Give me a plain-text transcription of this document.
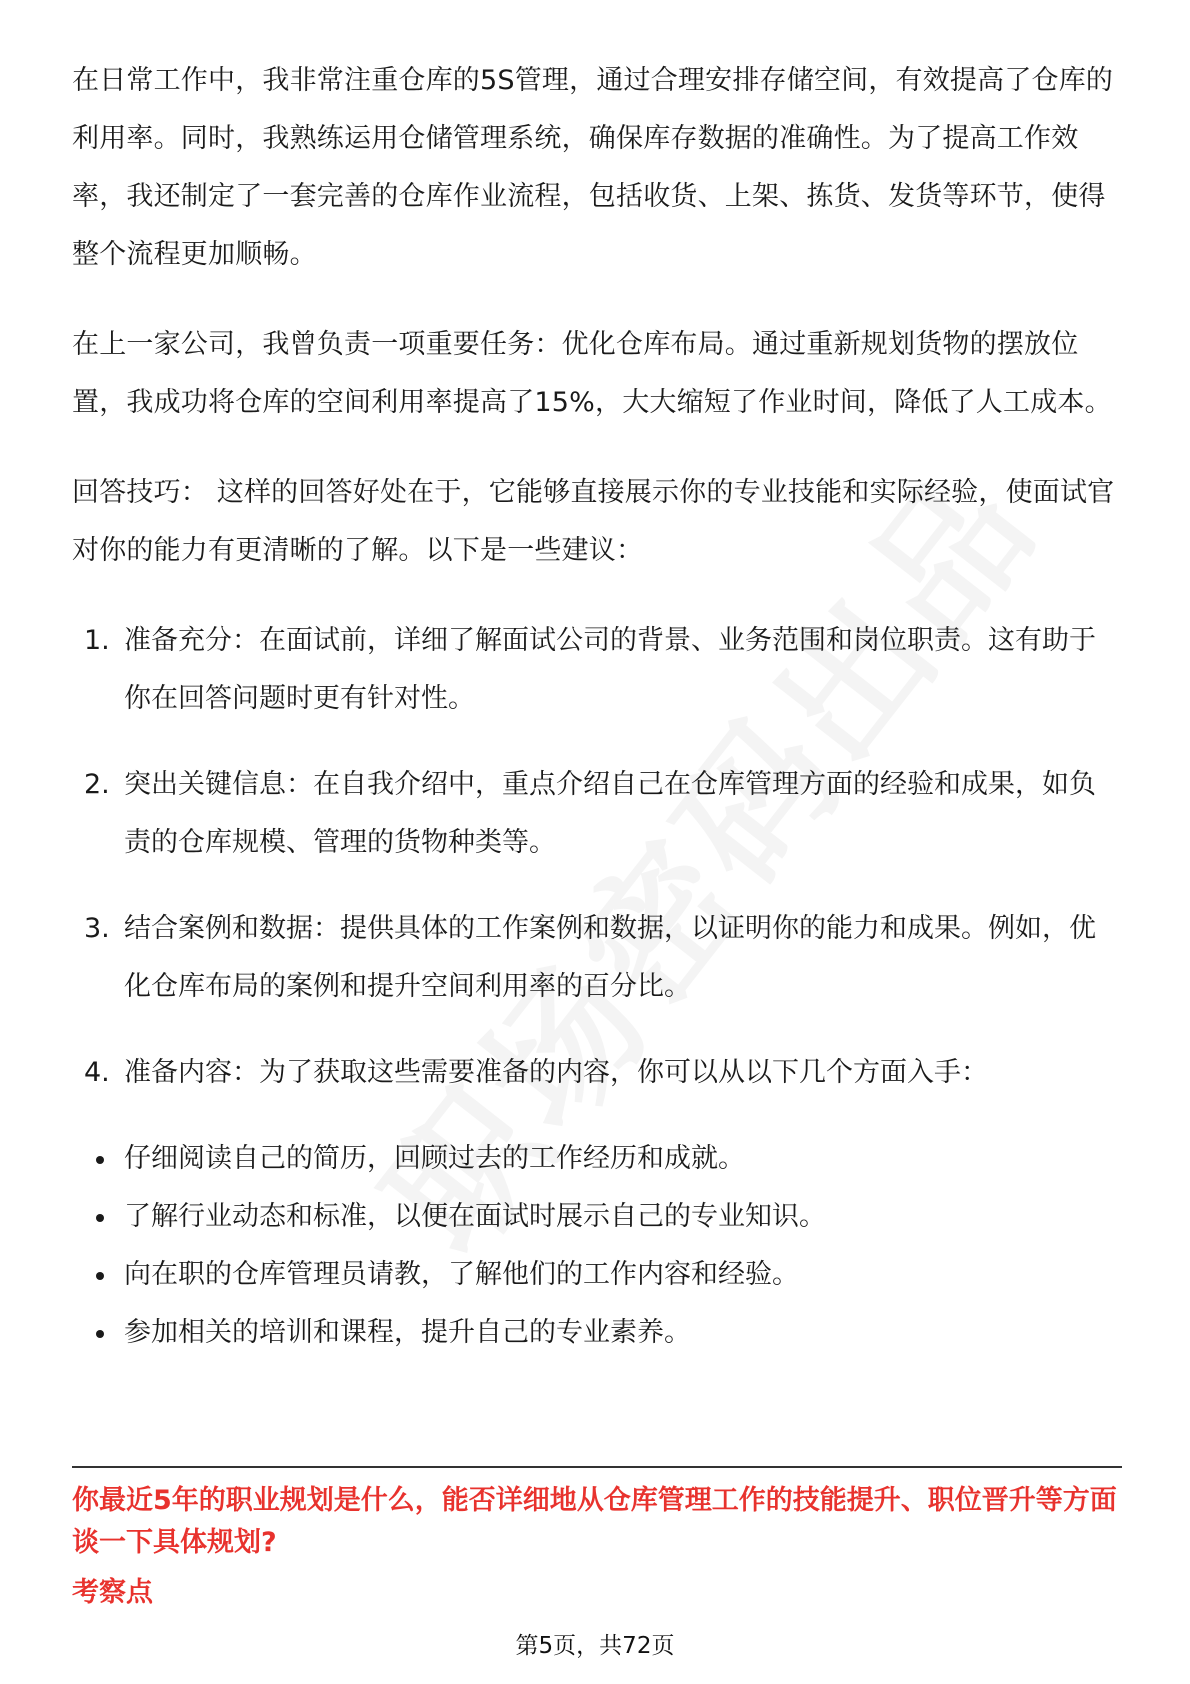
在日常工作中，我非常注重仓库的5S管理，通过合理安排存储空间，有效提高了仓库的利用率。同时，我熟练运用仓储管理系统，确保库存数据的准确性。为了提高工作效率，我还制定了一套完善的仓库作业流程，包括收货、上架、拣货、发货等环节，使得整个流程更加顺畅。

在上一家公司，我曾负责一项重要任务：优化仓库布局。通过重新规划货物的摆放位置，我成功将仓库的空间利用率提高了15%，大大缩短了作业时间，降低了人工成本。

回答技巧： 这样的回答好处在于，它能够直接展示你的专业技能和实际经验，使面试官对你的能力有更清晰的了解。以下是一些建议：

1. 准备充分：在面试前，详细了解面试公司的背景、业务范围和岗位职责。这有助于你在回答问题时更有针对性。
2. 突出关键信息：在自我介绍中，重点介绍自己在仓库管理方面的经验和成果，如负责的仓库规模、管理的货物种类等。
3. 结合案例和数据：提供具体的工作案例和数据，以证明你的能力和成果。例如，优化仓库布局的案例和提升空间利用率的百分比。
4. 准备内容：为了获取这些需要准备的内容，你可以从以下几个方面入手：
仔细阅读自己的简历，回顾过去的工作经历和成就。
了解行业动态和标准，以便在面试时展示自己的专业知识。
向在职的仓库管理员请教，了解他们的工作内容和经验。
参加相关的培训和课程，提升自己的专业素养。
你最近5年的职业规划是什么，能否详细地从仓库管理工作的技能提升、职位晋升等方面谈一下具体规划?
考察点
第5页，共72页
